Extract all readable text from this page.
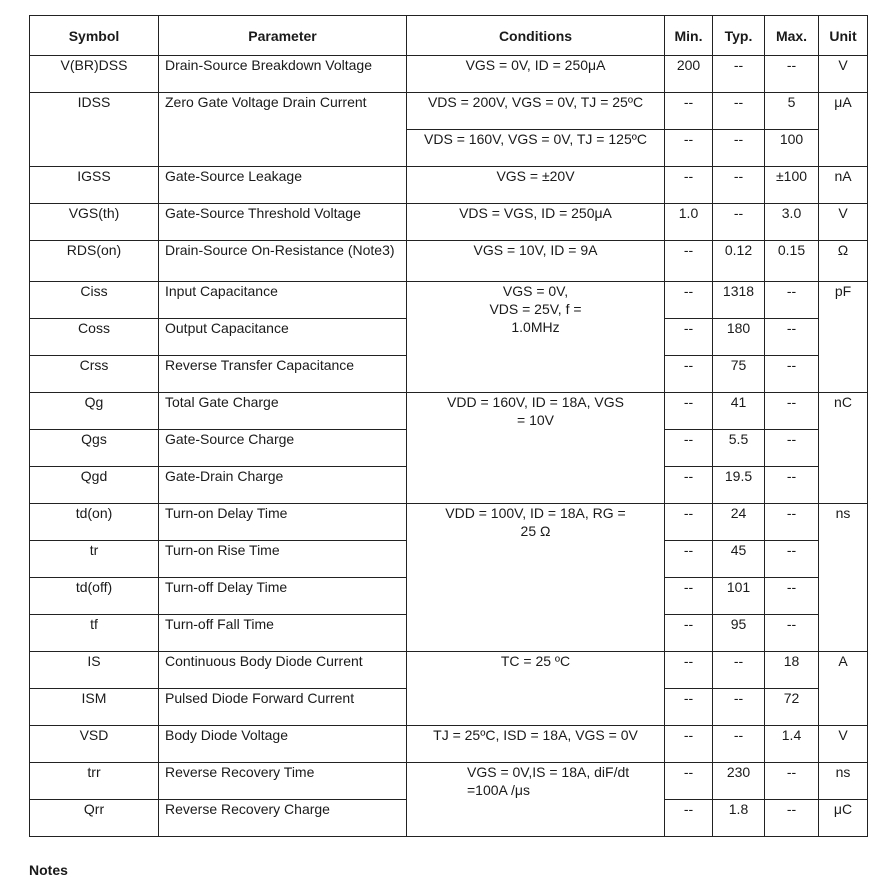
Symbol	Parameter	Conditions	Min.	Typ.	Max.	Unit
V(BR)DSS	Drain-Source Breakdown Voltage	VGS = 0V, ID = 250μA	200	--	--	V
IDSS	Zero Gate Voltage Drain Current	VDS = 200V, VGS = 0V, TJ = 25ºC	--	--	5	μA
		VDS = 160V, VGS = 0V, TJ = 125ºC	--	--	100	
IGSS	Gate-Source Leakage	VGS = ±20V	--	--	±100	nA
VGS(th)	Gate-Source Threshold Voltage	VDS = VGS, ID = 250μA	1.0	--	3.0	V
RDS(on)	Drain-Source On-Resistance (Note3)	VGS = 10V, ID = 9A	--	0.12	0.15	Ω
Ciss	Input Capacitance	VGS = 0V, VDS = 25V, f = 1.0MHz	--	1318	--	pF
Coss	Output Capacitance		--	180	--	
Crss	Reverse Transfer Capacitance		--	75	--	
Qg	Total Gate Charge	VDD = 160V, ID = 18A, VGS = 10V	--	41	--	nC
Qgs	Gate-Source Charge		--	5.5	--	
Qgd	Gate-Drain Charge		--	19.5	--	
td(on)	Turn-on Delay Time	VDD = 100V, ID = 18A, RG = 25 Ω	--	24	--	ns
tr	Turn-on Rise Time		--	45	--	
td(off)	Turn-off Delay Time		--	101	--	
tf	Turn-off Fall Time		--	95	--	
IS	Continuous Body Diode Current	TC = 25 ºC	--	--	18	A
ISM	Pulsed Diode Forward Current		--	--	72	
VSD	Body Diode Voltage	TJ = 25ºC, ISD = 18A, VGS = 0V	--	--	1.4	V
trr	Reverse Recovery Time	VGS = 0V,IS = 18A, diF/dt =100A /μs	--	230	--	ns
Qrr	Reverse Recovery Charge		--	1.8	--	μC
Notes
